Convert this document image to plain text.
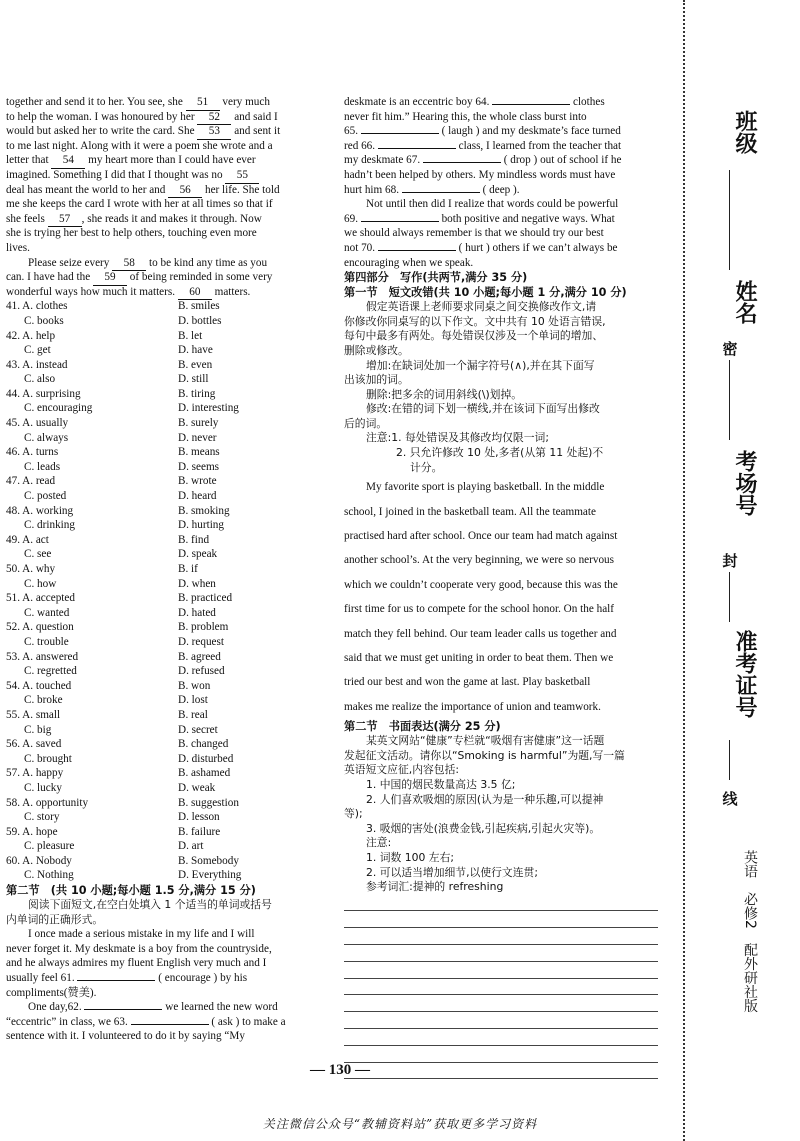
together and send it to her. You see, she 51 very much
to help the woman. I was honoured by her 52 and said I
would but asked her to write the card. She 53 and sent it
to me last night. Along with it were a poem she wrote and a
letter that 54 my heart more than I could have ever
imagined. Something I did that I thought was no 55
deal has meant the world to her and 56 her life. She told
me she keeps the card I wrote with her at all times so that if
she feels 57 , she reads it and makes it through. Now
she is trying her best to help others, touching even more
lives.
Please seize every 58 to be kind any time as you
can. I have had the 59 of being reminded in some very
wonderful ways how much it matters. 60 matters.
41. A. clothes	B. smiles
C. books	D. bottles
42. A. help	B. let
C. get	D. have
43. A. instead	B. even
C. also	D. still
44. A. surprising	B. tiring
C. encouraging	D. interesting
45. A. usually	B. surely
C. always	D. never
46. A. turns	B. means
C. leads	D. seems
47. A. read	B. wrote
C. posted	D. heard
48. A. working	B. smoking
C. drinking	D. hurting
49. A. act	B. find
C. see	D. speak
50. A. why	B. if
C. how	D. when
51. A. accepted	B. practiced
C. wanted	D. hated
52. A. question	B. problem
C. trouble	D. request
53. A. answered	B. agreed
C. regretted	D. refused
54. A. touched	B. won
C. broke	D. lost
55. A. small	B. real
C. big	D. secret
56. A. saved	B. changed
C. brought	D. disturbed
57. A. happy	B. ashamed
C. lucky	D. weak
58. A. opportunity	B. suggestion
C. story	D. lesson
59. A. hope	B. failure
C. pleasure	D. art
60. A. Nobody	B. Somebody
C. Nothing	D. Everything
第二节　(共 10 小题;每小题 1.5 分,满分 15 分)
阅读下面短文,在空白处填入 1 个适当的单词或括号
内单词的正确形式。
I once made a serious mistake in my life and I will
never forget it. My deskmate is a boy from the countryside,
and he always admires my fluent English very much and I
usually feel 61.	( encourage ) by his
compliments(赞美).
One day,62.	we learned the new word
“eccentric” in class, we 63.	( ask ) to make a
sentence with it. I volunteered to do it by saying “My
deskmate is an eccentric boy 64.	clothes
never fit him.” Hearing this, the whole class burst into
65.	( laugh ) and my deskmate’s face turned
red 66.	class, I learned from the teacher that
my deskmate 67.	( drop ) out of school if he
hadn’t been helped by others. My mindless words must have
hurt him 68.	( deep ).
Not until then did I realize that words could be powerful
69.	both positive and negative ways. What
we should always remember is that we should try our best
not 70.	( hurt ) others if we can’t always be
encouraging when we speak.
第四部分　写作(共两节,满分 35 分)
第一节　短文改错(共 10 小题;每小题 1 分,满分 10 分)
假定英语课上老师要求同桌之间交换修改作文,请
你修改你同桌写的以下作文。文中共有 10 处语言错误,
每句中最多有两处。每处错误仅涉及一个单词的增加、
删除或修改。
增加:在缺词处加一个漏字符号(∧),并在其下面写
出该加的词。
删除:把多余的词用斜线(\)划掉。
修改:在错的词下划一横线,并在该词下面写出修改
后的词。
注意:1. 每处错误及其修改均仅限一词;
2. 只允许修改 10 处,多者(从第 11 处起)不
计分。
My favorite sport is playing basketball. In the middle
school, I joined in the basketball team. All the teammate
practised hard after school. Once our team had match against
another school’s. At the very beginning, we were so nervous
which we couldn’t cooperate very good, because this was the
first time for us to compete for the school honor. On the half
match they fell behind. Our team leader calls us together and
said that we must get uniting in order to beat them. Then we
tried our best and won the game at last. Play basketball
makes me realize the importance of union and teamwork.
第二节　书面表达(满分 25 分)
某英文网站“健康”专栏就“吸烟有害健康”这一话题
发起征文活动。请你以“Smoking is harmful”为题,写一篇
英语短文应征,内容包括:
1. 中国的烟民数量高达 3.5 亿;
2. 人们喜欢吸烟的原因(认为是一种乐趣,可以提神
等);
3. 吸烟的害处(浪费金钱,引起疾病,引起火灾等)。
注意:
1. 词数 100 左右;
2. 可以适当增加细节,以使行文连贯;
参考词汇:提神的 refreshing
— 130 —
关注微信公众号“教辅资料站”获取更多学习资料
班级
姓名
密
考场号
封
准考证号
线
英语　必修2　配外研社版
